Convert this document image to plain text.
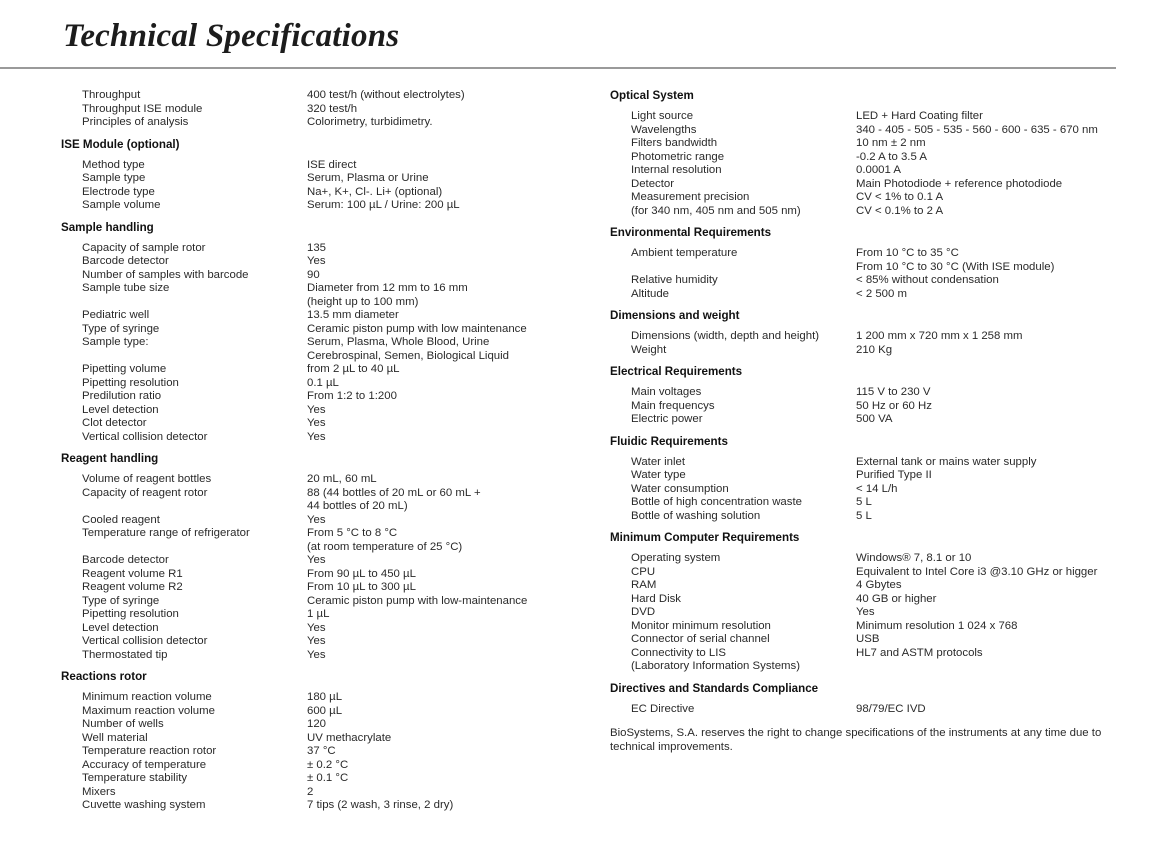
Technical Specifications
Throughput	400 test/h (without electrolytes)
Throughput ISE module	320 test/h
Principles of analysis	Colorimetry, turbidimetry.
ISE Module (optional)
Method type	ISE direct
Sample type	Serum, Plasma or Urine
Electrode type	Na+, K+, Cl-. Li+ (optional)
Sample volume	Serum: 100 µL / Urine: 200 µL
Sample handling
Capacity of sample rotor	135
Barcode detector	Yes
Number of samples with barcode	90
Sample tube size	Diameter from 12 mm to 16 mm
(height up to 100 mm)
Pediatric well	13.5 mm diameter
Type of syringe	Ceramic piston pump with low maintenance
Sample type:	Serum, Plasma, Whole Blood, Urine
Cerebrospinal, Semen, Biological Liquid
Pipetting volume	from 2 µL to 40 µL
Pipetting resolution	0.1 µL
Predilution ratio	From 1:2 to 1:200
Level detection	Yes
Clot detector	Yes
Vertical collision detector	Yes
Reagent handling
Volume of reagent bottles	20 mL, 60 mL
Capacity of reagent rotor	88 (44 bottles of 20 mL or 60 mL +
44 bottles of 20 mL)
Cooled reagent	Yes
Temperature range of refrigerator	From 5 °C to 8 °C
(at room temperature of 25 °C)
Barcode detector	Yes
Reagent volume R1	From 90 µL to 450 µL
Reagent volume R2	From 10 µL to 300 µL
Type of syringe	Ceramic piston pump with low-maintenance
Pipetting resolution	1 µL
Level detection	Yes
Vertical collision detector	Yes
Thermostated tip	Yes
Reactions rotor
Minimum reaction volume	180 µL
Maximum reaction volume	600 µL
Number of wells	120
Well material	UV methacrylate
Temperature reaction rotor	37 °C
Accuracy of temperature	± 0.2 °C
Temperature stability	± 0.1 °C
Mixers	2
Cuvette washing system	7 tips (2 wash, 3 rinse, 2 dry)
Optical System
Light source	LED + Hard Coating filter
Wavelengths	340 - 405 - 505 - 535 - 560 - 600 - 635 - 670 nm
Filters bandwidth	10 nm ± 2 nm
Photometric range	-0.2 A to 3.5 A
Internal resolution	0.0001 A
Detector	Main Photodiode + reference photodiode
Measurement precision	CV < 1% to 0.1 A
(for 340 nm, 405 nm and 505 nm)	CV < 0.1% to 2 A
Environmental Requirements
Ambient temperature	From 10 °C to 35 °C
From 10 °C to 30 °C (With ISE module)
Relative humidity	< 85% without condensation
Altitude	< 2 500 m
Dimensions and weight
Dimensions (width, depth and height)	1 200 mm x 720 mm x 1 258 mm
Weight	210 Kg
Electrical Requirements
Main voltages	115 V to 230 V
Main frequencys	50 Hz or 60 Hz
Electric power	500 VA
Fluidic Requirements
Water inlet	External tank or mains water supply
Water type	Purified Type II
Water consumption	< 14 L/h
Bottle of high concentration waste	5 L
Bottle of washing solution	5 L
Minimum Computer Requirements
Operating system	Windows® 7, 8.1 or 10
CPU	Equivalent to Intel Core i3 @3.10 GHz or higger
RAM	4 Gbytes
Hard Disk	40 GB or higher
DVD	Yes
Monitor minimum resolution	Minimum resolution 1 024 x 768
Connector of serial channel	USB
Connectivity to LIS	HL7 and ASTM protocols
(Laboratory Information Systems)
Directives and Standards Compliance
EC Directive	98/79/EC IVD
BioSystems, S.A. reserves the right to change specifications of the instruments at any time due to technical improvements.
